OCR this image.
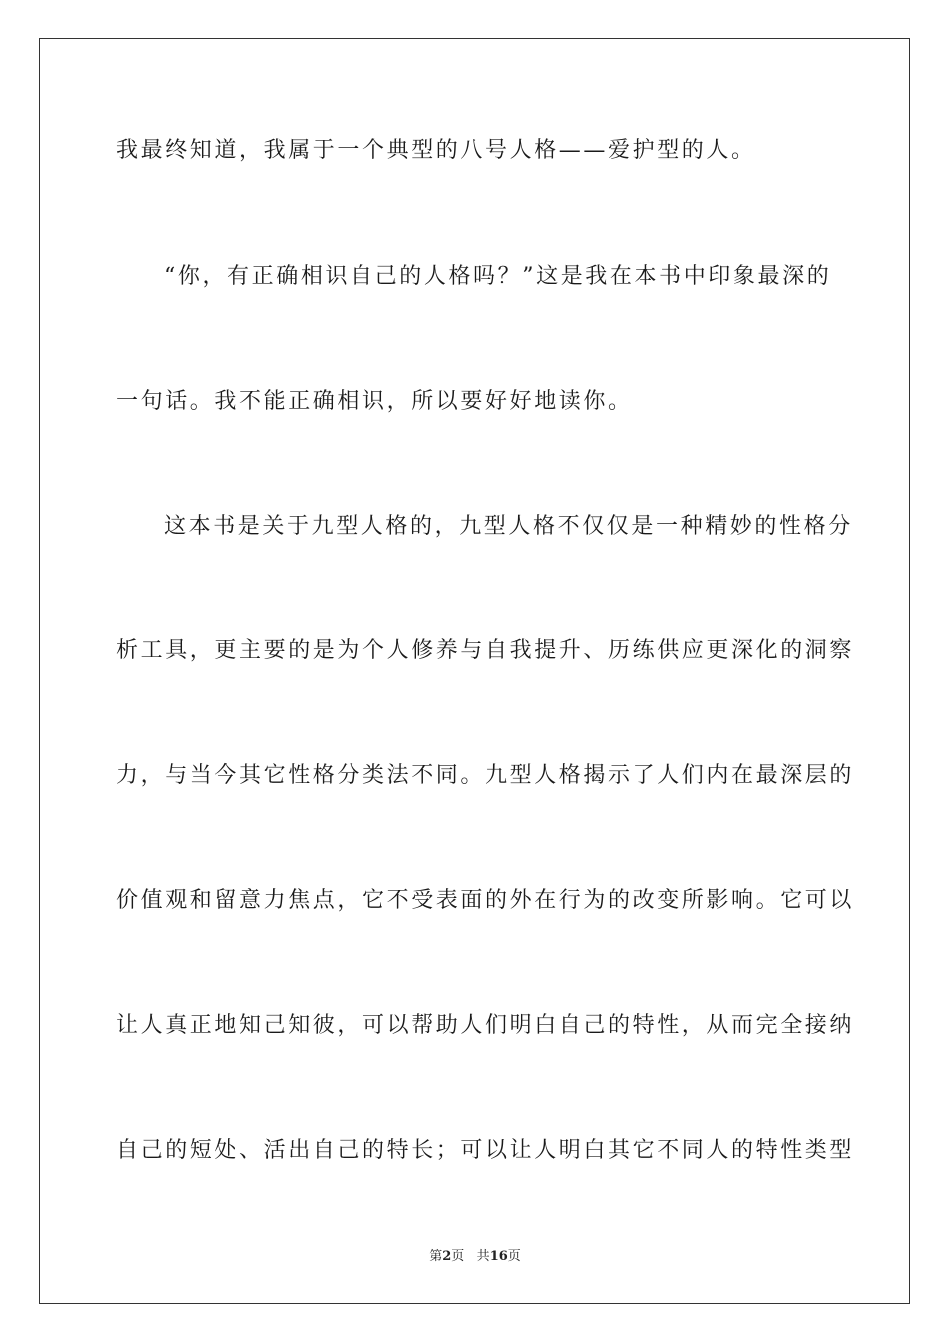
我最终知道，我属于一个典型的八号人格——爱护型的人。
“你，有正确相识自己的人格吗？”这是我在本书中印象最深的
一句话。我不能正确相识，所以要好好地读你。
这本书是关于九型人格的，九型人格不仅仅是一种精妙的性格分
析工具，更主要的是为个人修养与自我提升、历练供应更深化的洞察
力，与当今其它性格分类法不同。九型人格揭示了人们内在最深层的
价值观和留意力焦点，它不受表面的外在行为的改变所影响。它可以
让人真正地知己知彼，可以帮助人们明白自己的特性，从而完全接纳
自己的短处、活出自己的特长；可以让人明白其它不同人的特性类型
第2页 共16页
